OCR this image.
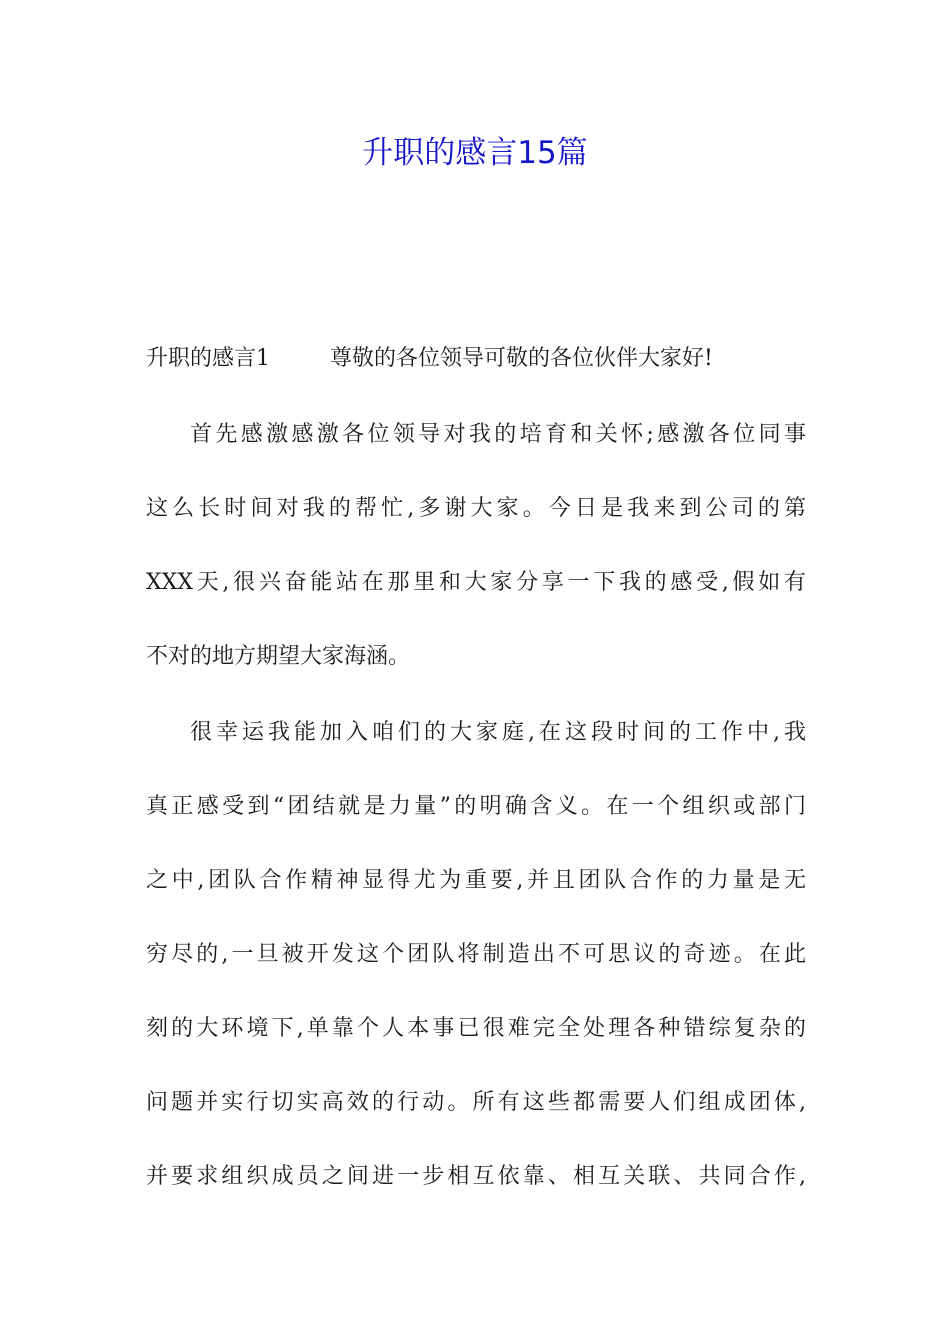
升职的感言15篇
升职的感言1	尊敬的各位领导可敬的各位伙伴大家好!
首先感激感激各位领导对我的培育和关怀;感激各位同事
这么长时间对我的帮忙,多谢大家。今日是我来到公司的第
XXX天,很兴奋能站在那里和大家分享一下我的感受,假如有
不对的地方期望大家海涵。
很幸运我能加入咱们的大家庭,在这段时间的工作中,我
真正感受到“团结就是力量”的明确含义。在一个组织或部门
之中,团队合作精神显得尤为重要,并且团队合作的力量是无
穷尽的,一旦被开发这个团队将制造出不可思议的奇迹。在此
刻的大环境下,单靠个人本事已很难完全处理各种错综复杂的
问题并实行切实高效的行动。所有这些都需要人们组成团体,
并要求组织成员之间进一步相互依靠、相互关联、共同合作,
